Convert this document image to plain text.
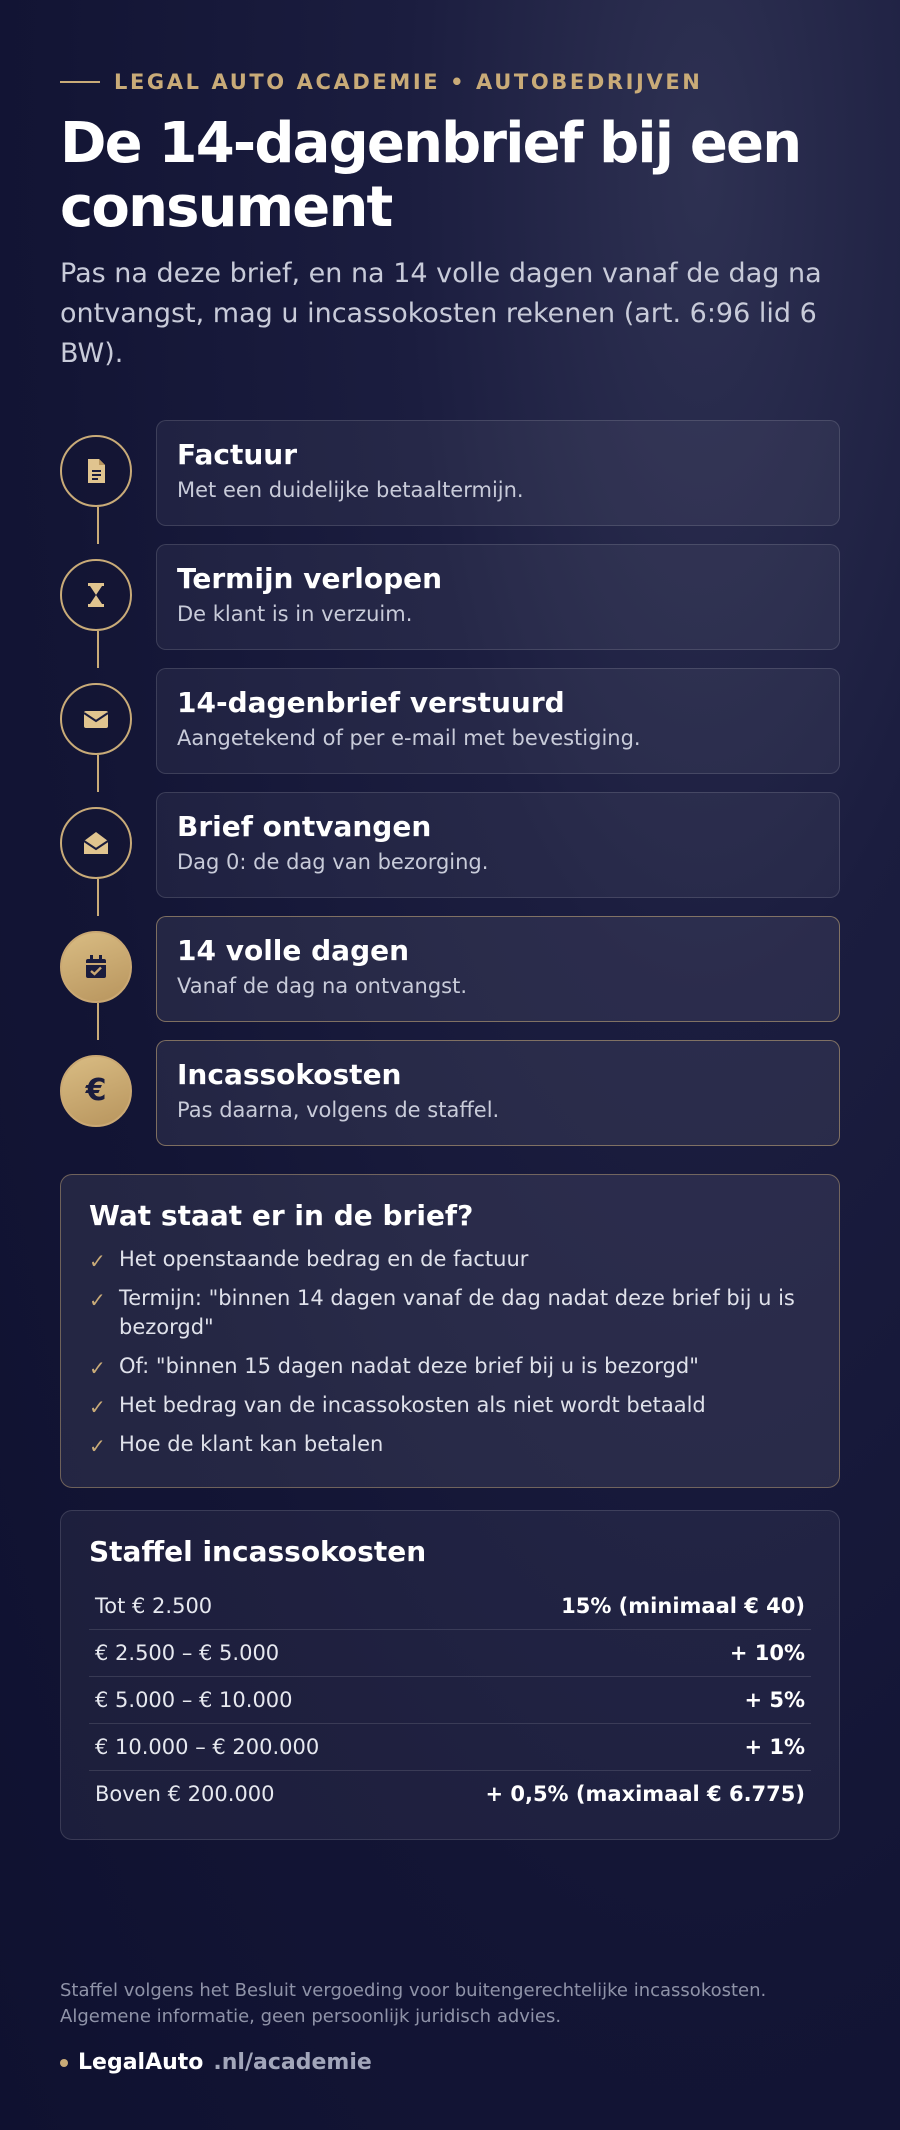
LEGAL AUTO ACADEMIE • AUTOBEDRIJVEN
De 14-dagenbrief bij een consument

Pas na deze brief, en na 14 volle dagen vanaf de dag na ontvangst, mag u incassokosten rekenen (art. 6:96 lid 6 BW).

Factuur
Met een duidelijke betaaltermijn.
Termijn verlopen
De klant is in verzuim.
14-dagenbrief verstuurd
Aangetekend of per e-mail met bevestiging.
Brief ontvangen
Dag 0: de dag van bezorging.
14 volle dagen
Vanaf de dag na ontvangst.
€	Incassokosten
Pas daarna, volgens de staffel.
Wat staat er in de brief?
✓ Het openstaande bedrag en de factuur
✓ Termijn: "binnen 14 dagen vanaf de dag nadat deze brief bij u is bezorgd"
✓ Of: "binnen 15 dagen nadat deze brief bij u is bezorgd"
✓ Het bedrag van de incassokosten als niet wordt betaald
✓ Hoe de klant kan betalen
Staffel incassokosten
Tot € 2.500	15% (minimaal € 40)
€ 2.500 – € 5.000	+ 10%
€ 5.000 – € 10.000	+ 5%
€ 10.000 – € 200.000	+ 1%
Boven € 200.000	+ 0,5% (maximaal € 6.775)
Staffel volgens het Besluit vergoeding voor buitengerechtelijke incassokosten. Algemene informatie, geen persoonlijk juridisch advies.
LegalAuto .nl/academie
